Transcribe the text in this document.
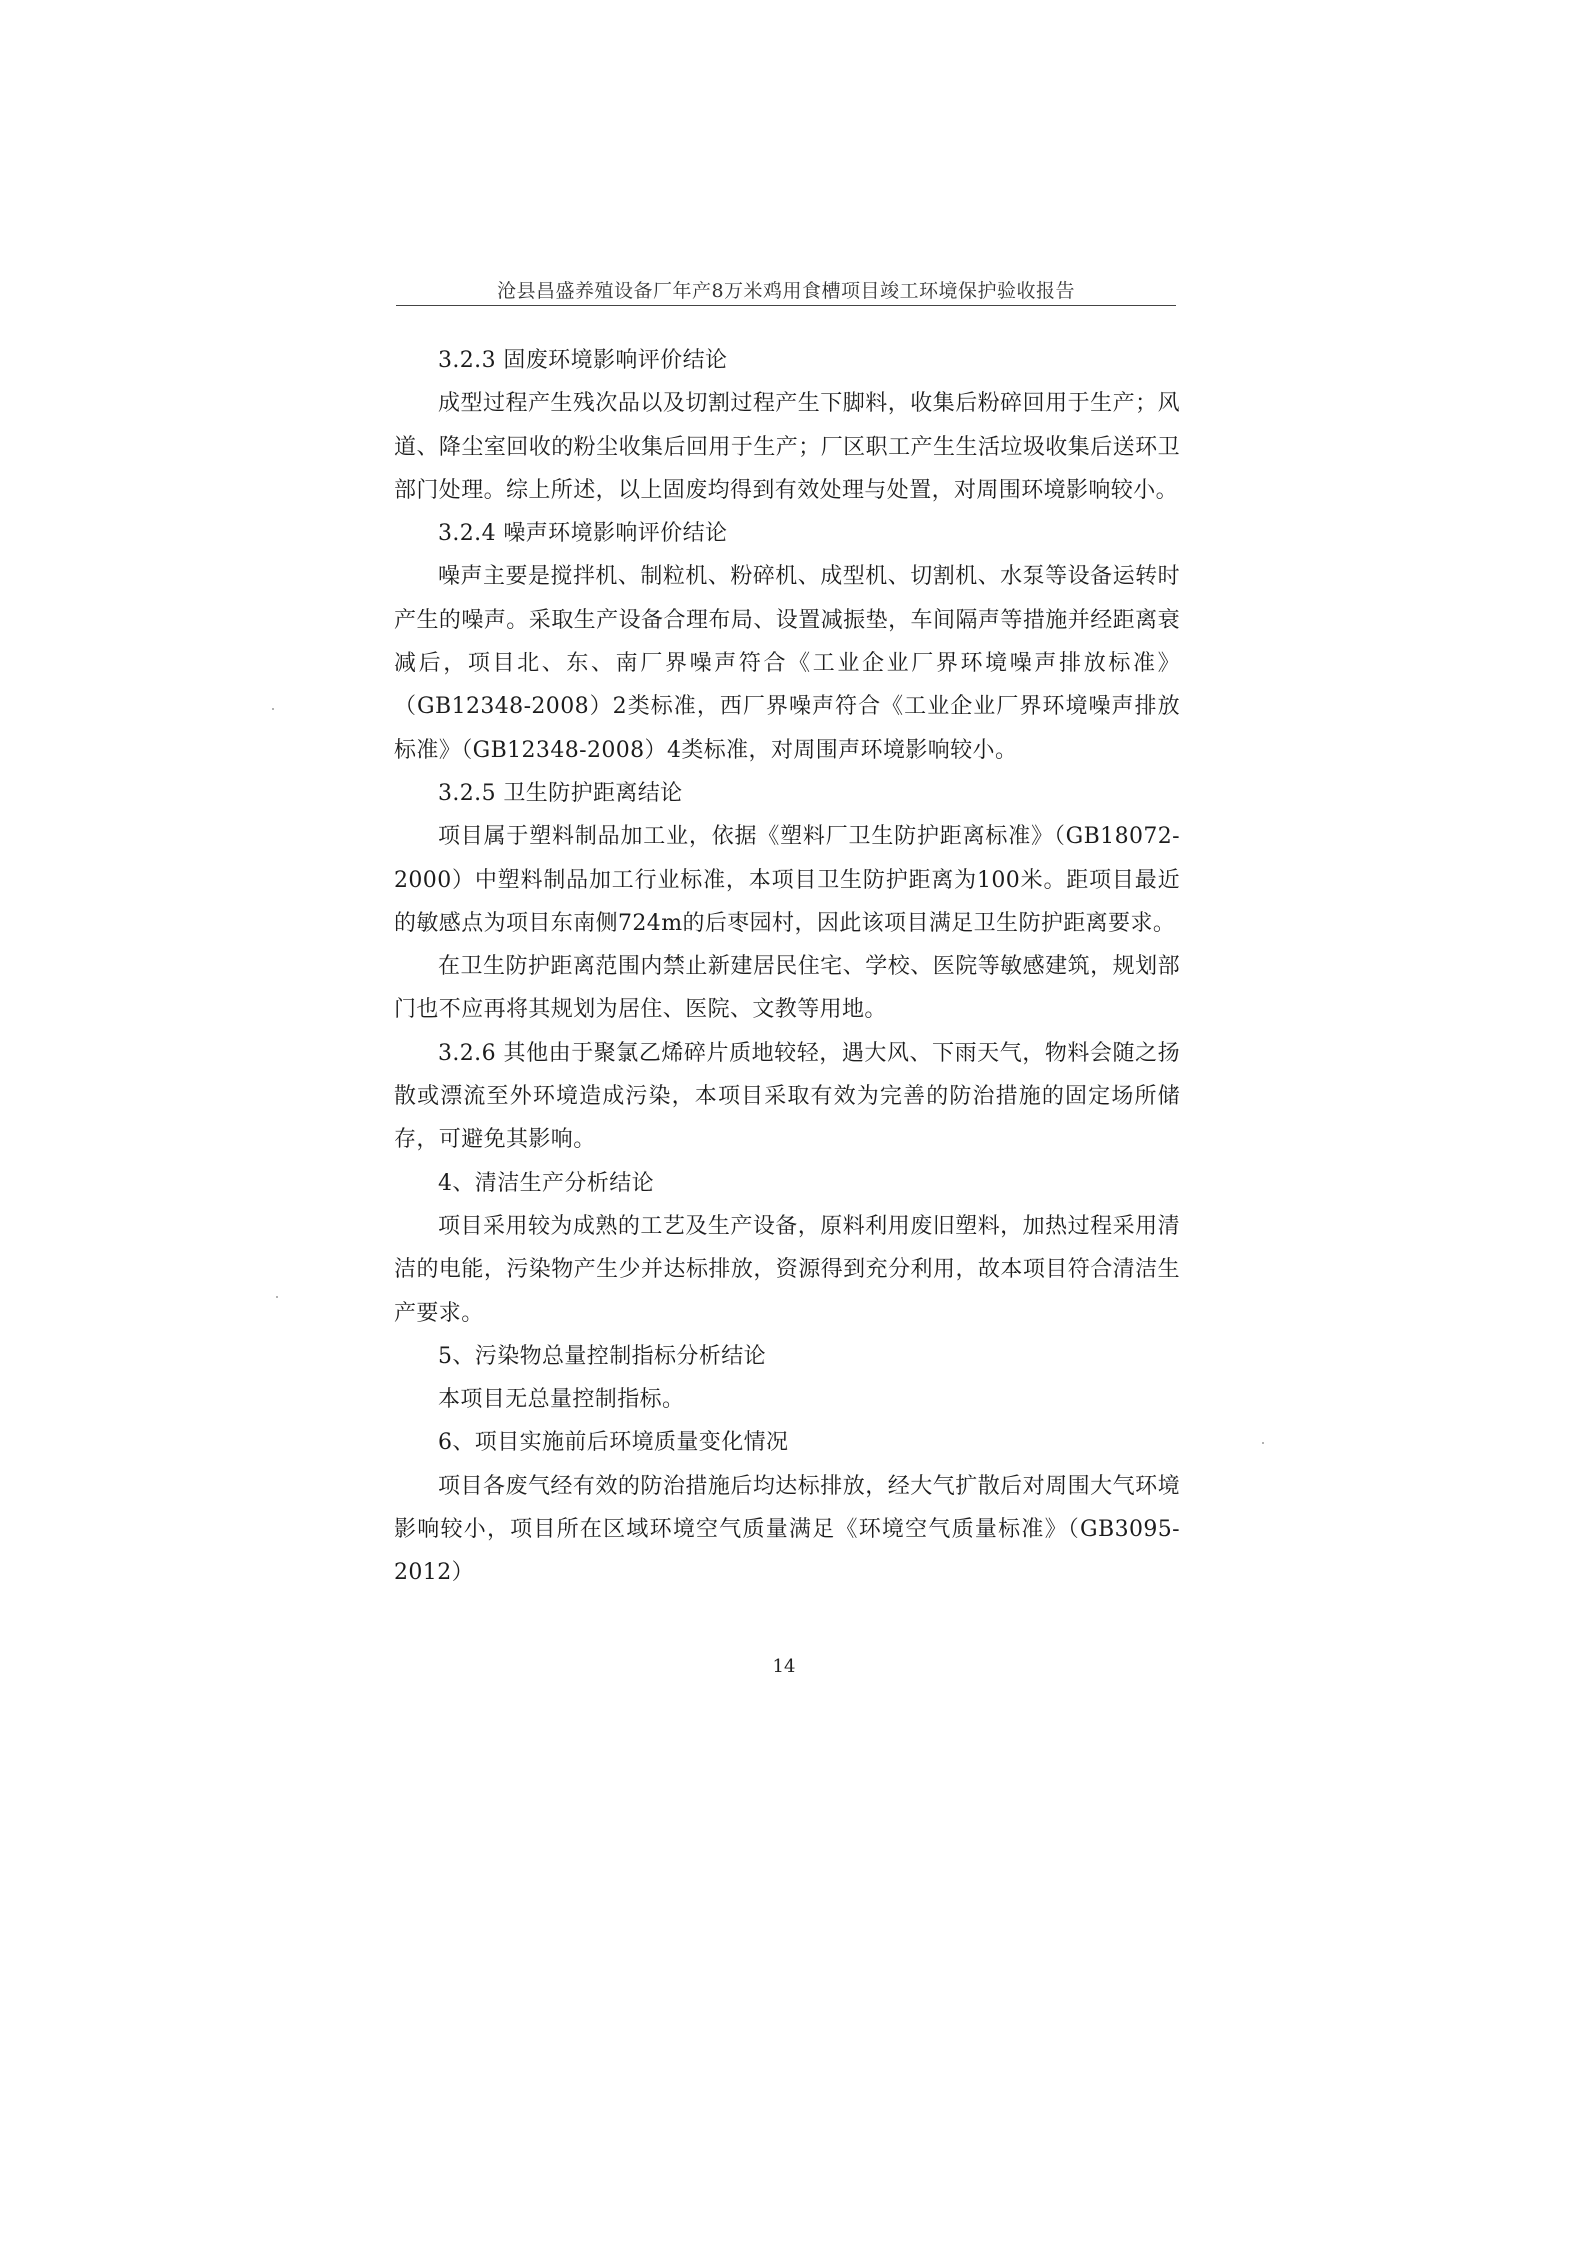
沧县昌盛养殖设备厂年产8万米鸡用食槽项目竣工环境保护验收报告

3.2.3 固废环境影响评价结论

成型过程产生残次品以及切割过程产生下脚料，收集后粉碎回用于生产；风道、降尘室回收的粉尘收集后回用于生产；厂区职工产生生活垃圾收集后送环卫部门处理。综上所述，以上固废均得到有效处理与处置，对周围环境影响较小。

3.2.4 噪声环境影响评价结论

噪声主要是搅拌机、制粒机、粉碎机、成型机、切割机、水泵等设备运转时产生的噪声。采取生产设备合理布局、设置减振垫，车间隔声等措施并经距离衰减后，项目北、东、南厂界噪声符合《工业企业厂界环境噪声排放标准》（GB12348-2008）2类标准，西厂界噪声符合《工业企业厂界环境噪声排放标准》（GB12348-2008）4类标准，对周围声环境影响较小。

3.2.5 卫生防护距离结论

项目属于塑料制品加工业，依据《塑料厂卫生防护距离标准》（GB18072-2000）中塑料制品加工行业标准，本项目卫生防护距离为100米。距项目最近的敏感点为项目东南侧724m的后枣园村，因此该项目满足卫生防护距离要求。

在卫生防护距离范围内禁止新建居民住宅、学校、医院等敏感建筑，规划部门也不应再将其规划为居住、医院、文教等用地。

3.2.6 其他由于聚氯乙烯碎片质地较轻，遇大风、下雨天气，物料会随之扬散或漂流至外环境造成污染，本项目采取有效为完善的防治措施的固定场所储存，可避免其影响。

4、清洁生产分析结论

项目采用较为成熟的工艺及生产设备，原料利用废旧塑料，加热过程采用清洁的电能，污染物产生少并达标排放，资源得到充分利用，故本项目符合清洁生产要求。

5、污染物总量控制指标分析结论

本项目无总量控制指标。

6、项目实施前后环境质量变化情况

项目各废气经有效的防治措施后均达标排放，经大气扩散后对周围大气环境影响较小，项目所在区域环境空气质量满足《环境空气质量标准》（GB3095-2012）

14
